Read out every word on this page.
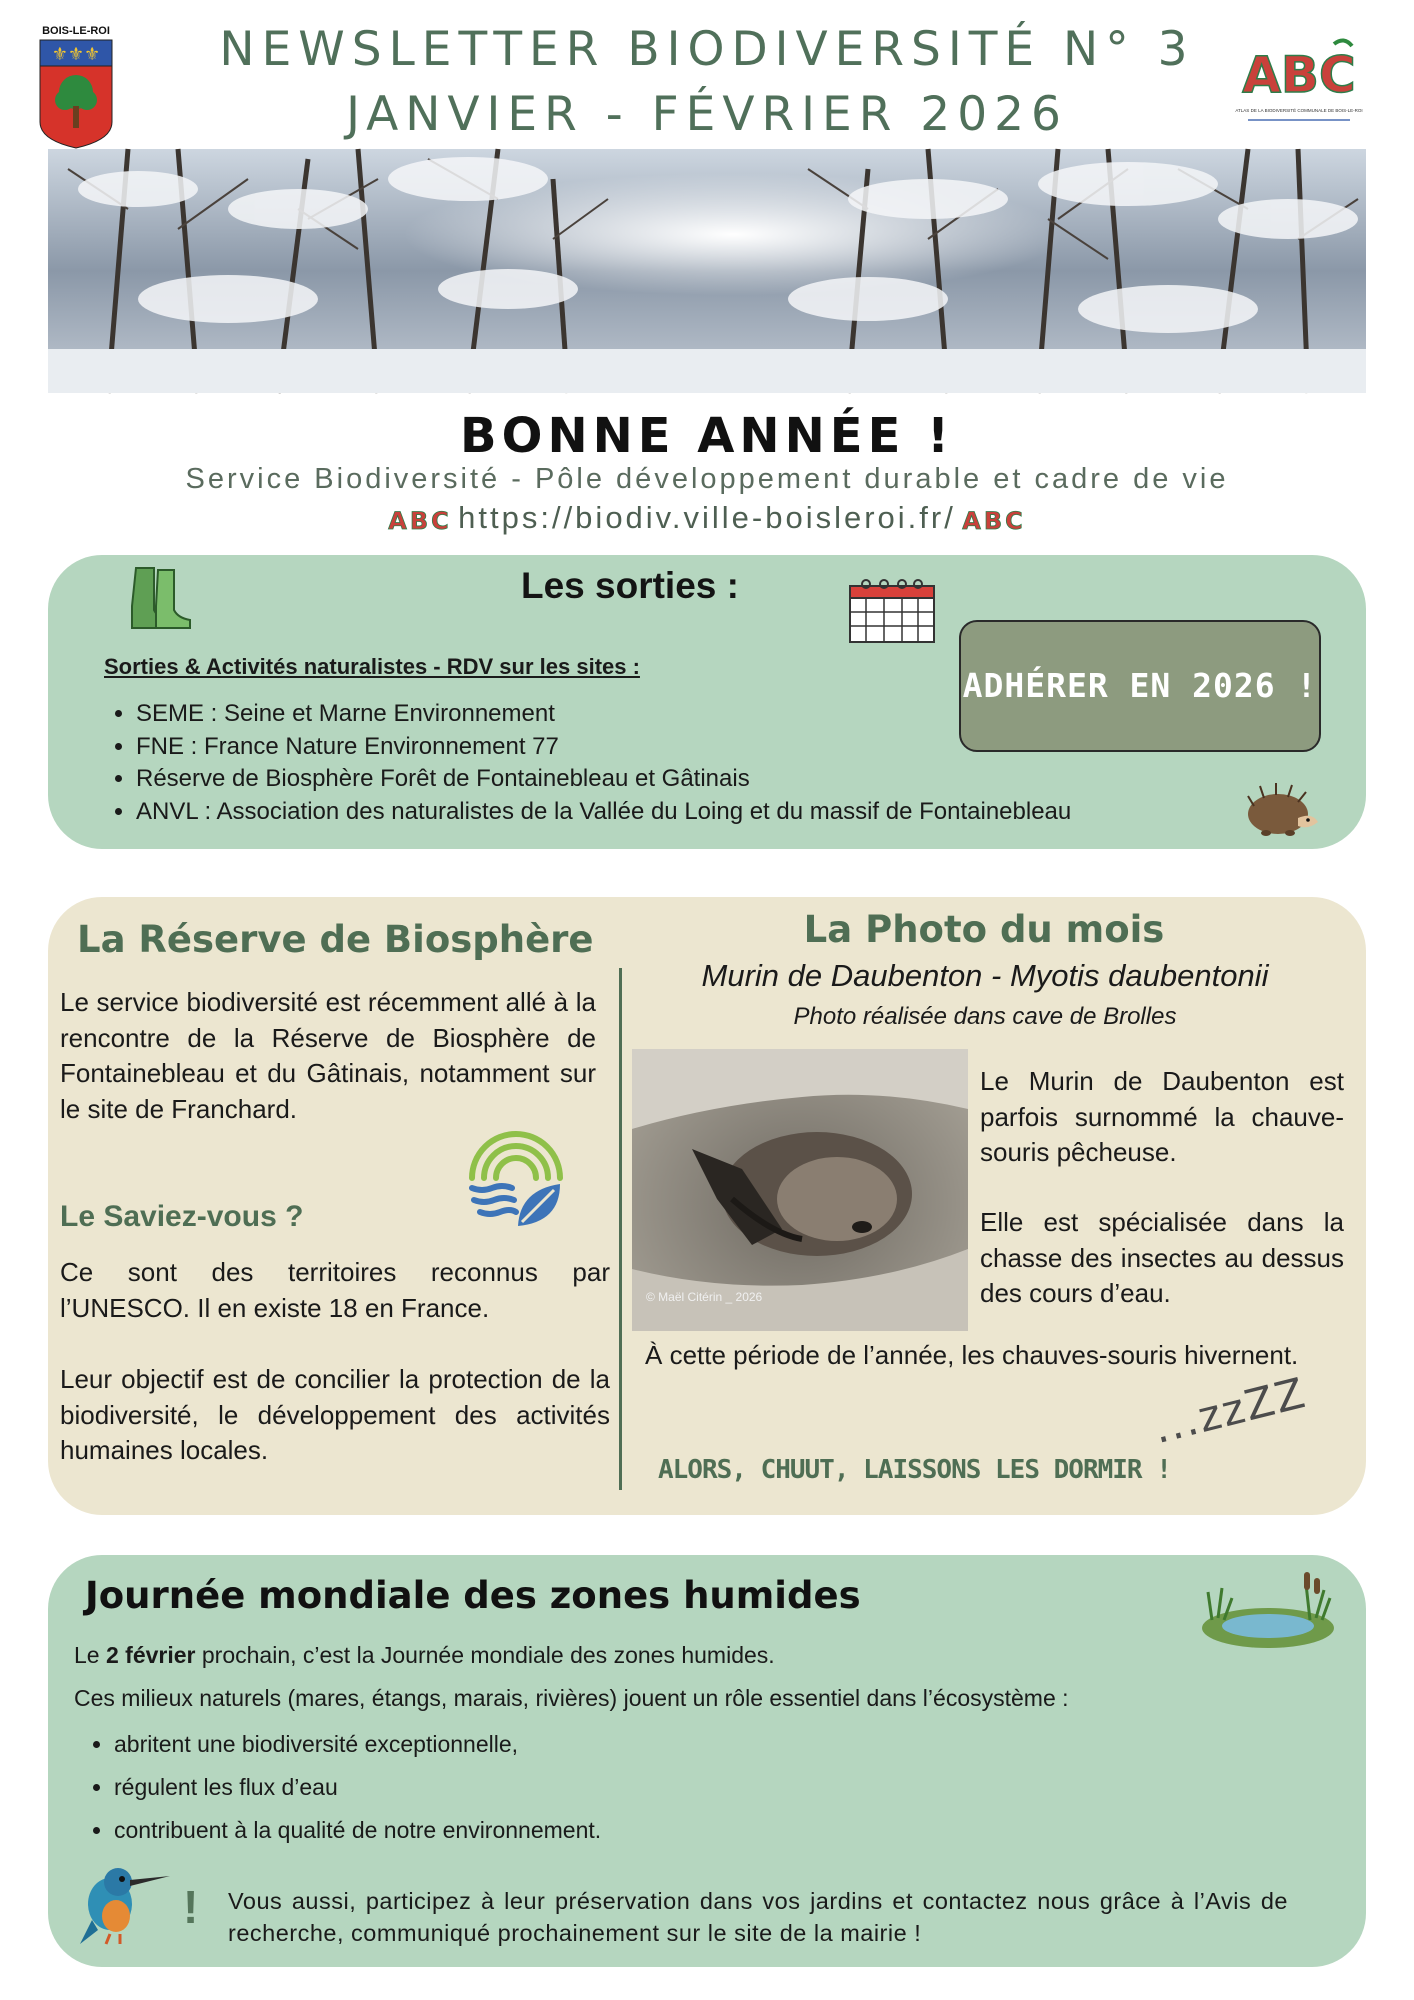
BOIS-LE-ROI
⚜⚜⚜	NEWSLETTER BIODIVERSITÉ N° 3
JANVIER - FÉVRIER 2026
ABC
ATLAS DE LA BIODIVERSITÉ COMMUNALE DE BOIS-LE-ROI
BONNE ANNÉE !
Service Biodiversité - Pôle développement durable et cadre de vie
ABC https://biodiv.ville-boisleroi.fr/ ABC
Les sorties :
Sorties & Activités naturalistes - RDV sur les sites :
• SEME : Seine et Marne Environnement
• FNE : France Nature Environnement 77
• Réserve de Biosphère Forêt de Fontainebleau et Gâtinais
• ANVL : Association des naturalistes de la Vallée du Loing et du massif de Fontainebleau
ADHÉRER EN 2026 !
La Réserve de Biosphère
Le service biodiversité est récemment allé à la rencontre de la Réserve de Biosphère de Fontainebleau et du Gâtinais, notamment sur le site de Franchard.
Le Saviez-vous ?
Ce sont des territoires reconnus par l’UNESCO. Il en existe 18 en France.
Leur objectif est de concilier la protection de la biodiversité, le développement des activités humaines locales.
La Photo du mois
Murin de Daubenton - Myotis daubentonii
Photo réalisée dans cave de Brolles
© Maël Citérin _ 2026
Le Murin de Daubenton est parfois surnommé la chauve-souris pêcheuse.
Elle est spécialisée dans la chasse des insectes au dessus des cours d’eau.
À cette période de l’année, les chauves-souris hivernent.
ALORS, CHUUT, LAISSONS LES DORMIR !
...zzZZ
Journée mondiale des zones humides
Le 2 février prochain, c’est la Journée mondiale des zones humides.
Ces milieux naturels (mares, étangs, marais, rivières) jouent un rôle essentiel dans l’écosystème :
• abritent une biodiversité exceptionnelle,
• régulent les flux d’eau
• contribuent à la qualité de notre environnement.
! Vous aussi, participez à leur préservation dans vos jardins et contactez nous grâce à l’Avis de recherche, communiqué prochainement sur le site de la mairie !
